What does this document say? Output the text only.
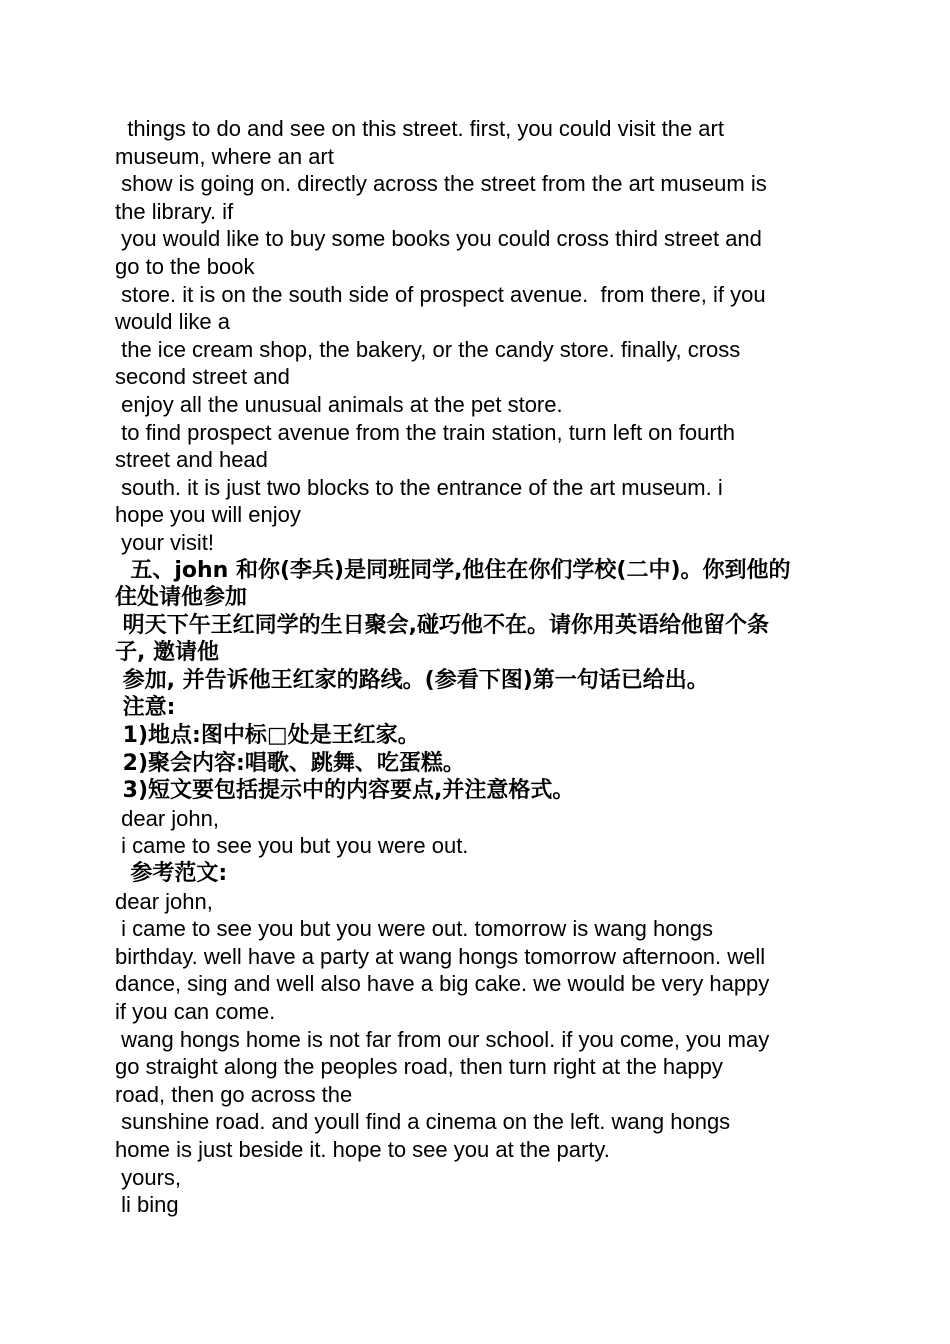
things to do and see on this street. first, you could visit the art
museum, where an art
show is going on. directly across the street from the art museum is
the library. if
you would like to buy some books you could cross third street and
go to the book
store. it is on the south side of prospect avenue.  from there, if you
would like a
the ice cream shop, the bakery, or the candy store. finally, cross
second street and
enjoy all the unusual animals at the pet store.
to find prospect avenue from the train station, turn left on fourth
street and head
south. it is just two blocks to the entrance of the art museum. i
hope you will enjoy
your visit!
五、john 和你(李兵)是同班同学,他住在你们学校(二中)。你到他的
住处请他参加
明天下午王红同学的生日聚会,碰巧他不在。请你用英语给他留个条
子, 邀请他
参加, 并告诉他王红家的路线。(参看下图)第一句话已给出。
注意:
1)地点:图中标□处是王红家。
2)聚会内容:唱歌、跳舞、吃蛋糕。
3)短文要包括提示中的内容要点,并注意格式。
dear john,
i came to see you but you were out.
参考范文:
dear john,
i came to see you but you were out. tomorrow is wang hongs
birthday. well have a party at wang hongs tomorrow afternoon. well
dance, sing and well also have a big cake. we would be very happy
if you can come.
wang hongs home is not far from our school. if you come, you may
go straight along the peoples road, then turn right at the happy
road, then go across the
sunshine road. and youll find a cinema on the left. wang hongs
home is just beside it. hope to see you at the party.
yours,
li bing
